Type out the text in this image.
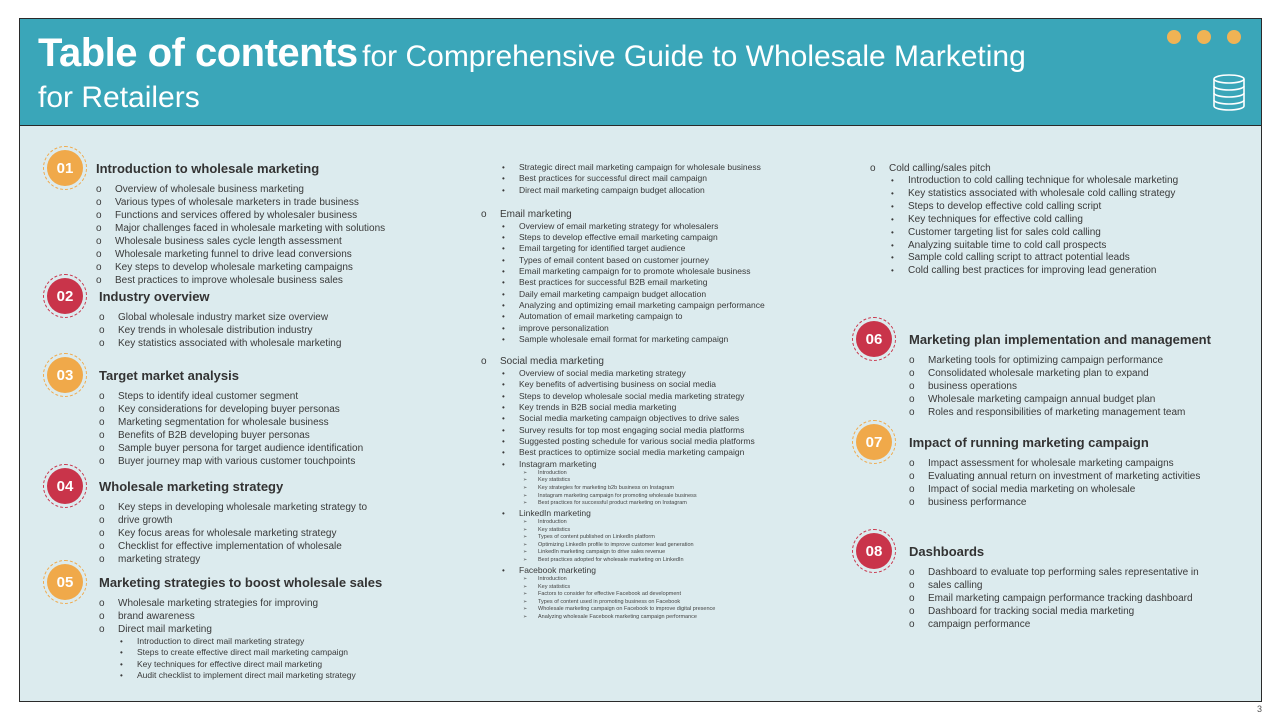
Table of contents for Comprehensive Guide to Wholesale Marketing
for Retailers
01	Introduction to wholesale marketing
o Overview of wholesale business marketing
o Various types of wholesale marketers in trade business
o Functions and services offered by wholesaler business
o Major challenges faced in wholesale marketing with solutions
o Wholesale business sales cycle length assessment
o Wholesale marketing funnel to drive lead conversions
o Key steps to develop wholesale marketing campaigns
o Best practices to improve wholesale business sales
02	Industry overview
o Global wholesale industry market size overview
o Key trends in wholesale distribution industry
o Key statistics associated with wholesale marketing
03	Target market analysis
o Steps to identify ideal customer segment
o Key considerations for developing buyer personas
o Marketing segmentation for wholesale business
o Benefits of B2B developing buyer personas
o Sample buyer persona for target audience identification
o Buyer journey map with various customer touchpoints
04	Wholesale marketing strategy
o Key steps in developing wholesale marketing strategy to
o drive growth
o Key focus areas for wholesale marketing strategy
o Checklist for effective implementation of wholesale
o marketing strategy
05	Marketing strategies to boost wholesale sales
o Wholesale marketing strategies for improving
o brand awareness
o Direct mail marketing
• Introduction to direct mail marketing strategy
• Steps to create effective direct mail marketing campaign
• Key techniques for effective direct mail marketing
• Audit checklist to implement direct mail marketing strategy
• Strategic direct mail marketing campaign for wholesale business
• Best practices for successful direct mail campaign
• Direct mail marketing campaign budget allocation
o Email marketing
• Overview of email marketing strategy for wholesalers
• Steps to develop effective email marketing campaign
• Email targeting for identified target audience
• Types of email content based on customer journey
• Email marketing campaign for to promote wholesale business
• Best practices for successful B2B email marketing
• Daily email marketing campaign budget allocation
• Analyzing and optimizing email marketing campaign performance
• Automation of email marketing campaign to
• improve personalization
• Sample wholesale email format for marketing campaign
o Social media marketing
• Overview of social media marketing strategy
• Key benefits of advertising business on social media
• Steps to develop wholesale social media marketing strategy
• Key trends in B2B social media marketing
• Social media marketing campaign objectives to drive sales
• Survey results for top most engaging social media platforms
• Suggested posting schedule for various social media platforms
• Best practices to optimize social media marketing campaign
• Instagram marketing
➢ Introduction
➢ Key statistics
➢ Key strategies for marketing b2b business on Instagram
➢ Instagram marketing campaign for promoting wholesale business
➢ Best practices for successful product marketing on Instagram
• LinkedIn marketing
➢ Introduction
➢ Key statistics
➢ Types of content published on LinkedIn platform
➢ Optimizing LinkedIn profile to improve customer lead generation
➢ LinkedIn marketing campaign to drive sales revenue
➢ Best practices adopted for wholesale marketing on LinkedIn
• Facebook marketing
➢ Introduction
➢ Key statistics
➢ Factors to consider for effective Facebook ad development
➢ Types of content used in promoting business on Facebook
➢ Wholesale marketing campaign on Facebook to improve digital presence
➢ Analyzing wholesale Facebook marketing campaign performance
o Cold calling/sales pitch
• Introduction to cold calling technique for wholesale marketing
• Key statistics associated with wholesale cold calling strategy
• Steps to develop effective cold calling script
• Key techniques for effective cold calling
• Customer targeting list for sales cold calling
• Analyzing suitable time to cold call prospects
• Sample cold calling script to attract potential leads
• Cold calling best practices for improving lead generation
06	Marketing plan implementation and management
o Marketing tools for optimizing campaign performance
o Consolidated wholesale marketing plan to expand
o business operations
o Wholesale marketing campaign annual budget plan
o Roles and responsibilities of marketing management team
07	Impact of running marketing campaign
o Impact assessment for wholesale marketing campaigns
o Evaluating annual return on investment of marketing activities
o Impact of social media marketing on wholesale
o business performance
08	Dashboards
o Dashboard to evaluate top performing sales representative in
o sales calling
o Email marketing campaign performance tracking dashboard
o Dashboard for tracking social media marketing
o campaign performance
3
